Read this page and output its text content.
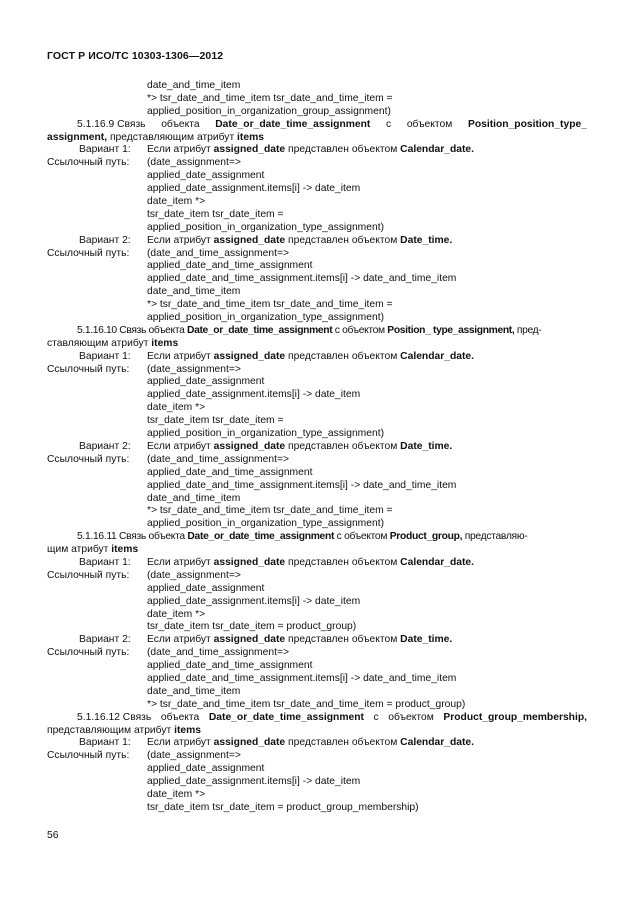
ГОСТ Р ИСО/ТС 10303-1306—2012
date_and_time_item
*> tsr_date_and_time_item tsr_date_and_time_item =
applied_position_in_organization_group_assignment)
5.1.16.9 Связь объекта Date_or_date_time_assignment с объектом Position_position_type_
assignment, представляющим атрибут items
Вариант 1: Если атрибут assigned_date представлен объектом Calendar_date.
Ссылочный путь: (date_assignment=>
applied_date_assignment
applied_date_assignment.items[i] -> date_item
date_item *>
tsr_date_item tsr_date_item =
applied_position_in_organization_type_assignment)
Вариант 2: Если атрибут assigned_date представлен объектом Date_time.
Ссылочный путь: (date_and_time_assignment=>
applied_date_and_time_assignment
applied_date_and_time_assignment.items[i] -> date_and_time_item
date_and_time_item
*> tsr_date_and_time_item tsr_date_and_time_item =
applied_position_in_organization_type_assignment)
5.1.16.10 Связь объекта Date_or_date_time_assignment с объектом Position_ type_assignment, пред-
ставляющим атрибут items
Вариант 1: Если атрибут assigned_date представлен объектом Calendar_date.
Ссылочный путь: (date_assignment=>
applied_date_assignment
applied_date_assignment.items[i] -> date_item
date_item *>
tsr_date_item tsr_date_item =
applied_position_in_organization_type_assignment)
Вариант 2: Если атрибут assigned_date представлен объектом Date_time.
Ссылочный путь: (date_and_time_assignment=>
applied_date_and_time_assignment
applied_date_and_time_assignment.items[i] -> date_and_time_item
date_and_time_item
*> tsr_date_and_time_item tsr_date_and_time_item =
applied_position_in_organization_type_assignment)
5.1.16.11 Связь объекта Date_or_date_time_assignment с объектом Product_group, представляю-
щим атрибут items
Вариант 1: Если атрибут assigned_date представлен объектом Calendar_date.
Ссылочный путь: (date_assignment=>
applied_date_assignment
applied_date_assignment.items[i] -> date_item
date_item *>
tsr_date_item tsr_date_item = product_group)
Вариант 2: Если атрибут assigned_date представлен объектом Date_time.
Ссылочный путь: (date_and_time_assignment=>
applied_date_and_time_assignment
applied_date_and_time_assignment.items[i] -> date_and_time_item
date_and_time_item
*> tsr_date_and_time_item tsr_date_and_time_item = product_group)
5.1.16.12 Связь объекта Date_or_date_time_assignment с объектом Product_group_membership,
представляющим атрибут items
Вариант 1: Если атрибут assigned_date представлен объектом Calendar_date.
Ссылочный путь: (date_assignment=>
applied_date_assignment
applied_date_assignment.items[i] -> date_item
date_item *>
tsr_date_item tsr_date_item = product_group_membership)
56
